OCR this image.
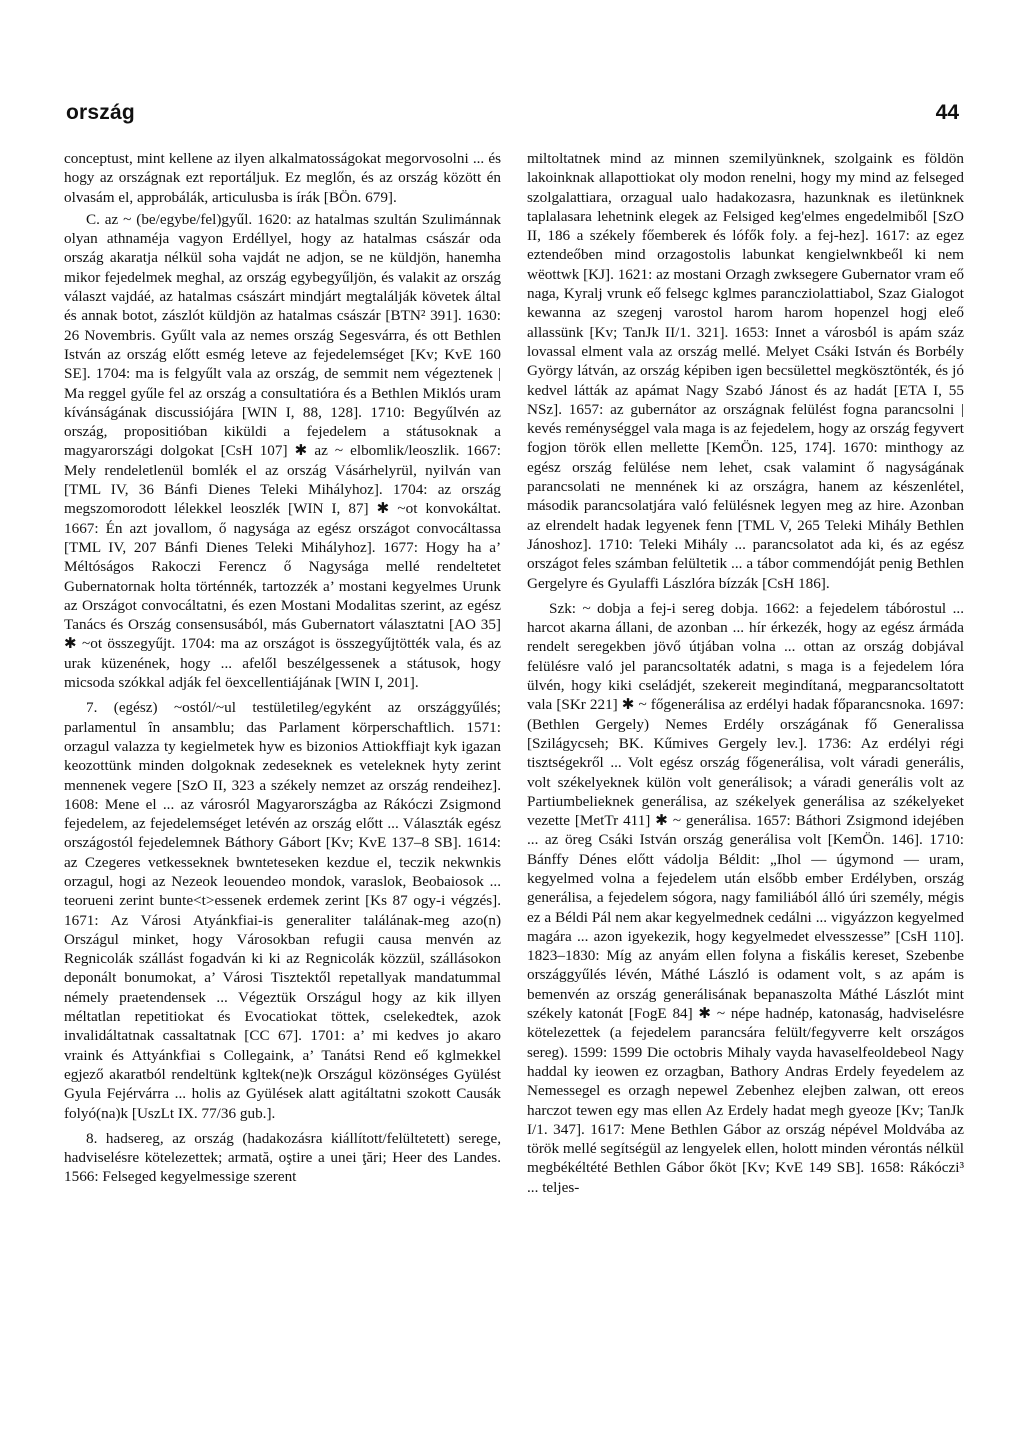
ország	44

conceptust, mint kellene az ilyen alkalmatosságokat megorvosolni ... és hogy az országnak ezt reportáljuk. Ez meglőn, és az ország között én olvasám el, approbálák, articulusba is írák [BÖn. 679].

C. az ~ (be/egybe/fel)gyűl. 1620: az hatalmas szultán Szulimánnak olyan athnaméja vagyon Erdéllyel, hogy az hatalmas császár oda ország akaratja nélkül soha vajdát ne adjon, se ne küldjön, hanemha mikor fejedelmek meghal, az ország egybegyűljön, és valakit az ország választ vajdáé, az hatalmas császárt mindjárt megtalálják követek által és annak botot, zászlót küldjön az hatalmas császár [BTN² 391]. 1630: 26 Novembris. Gyűlt vala az nemes ország Segesvárra, és ott Bethlen István az ország előtt esmég leteve az fejedelemséget [Kv; KvE 160 SE]. 1704: ma is felgyűlt vala az ország, de semmit nem végeztenek | Ma reggel gyűle fel az ország a consultatióra és a Bethlen Miklós uram kívánságának discussiójára [WIN I, 88, 128]. 1710: Begyűlvén az ország, propositióban kiküldi a fejedelem a státusoknak a magyarországi dolgokat [CsH 107] ✱ az ~ elbomlik/leoszlik. 1667: Mely rendeletlenül bomlék el az ország Vásárhelyrül, nyilván van [TML IV, 36 Bánfi Dienes Teleki Mihályhoz]. 1704: az ország megszomorodott lélekkel leoszlék [WIN I, 87] ✱ ~ot konvokáltat. 1667: Én azt jovallom, ő nagysága az egész országot convocáltassa [TML IV, 207 Bánfi Dienes Teleki Mihályhoz]. 1677: Hogy ha a’ Méltóságos Rakoczi Ferencz ő Nagysága mellé rendeltetet Gubernatornak holta történnék, tartozzék a’ mostani kegyelmes Urunk az Országot convocáltatni, és ezen Mostani Modalitas szerint, az egész Tanács és Ország consensusából, más Gubernatort választatni [AO 35] ✱ ~ot összegyűjt. 1704: ma az országot is összegyűjtötték vala, és az urak küzenének, hogy ... afelől beszélgessenek a státusok, hogy micsoda szókkal adják fel öexcellentiájának [WIN I, 201].

7. (egész) ~ostól/~ul testületileg/egyként az országgyűlés; parlamentul în ansamblu; das Parlament körperschaftlich. 1571: orzagul valazza ty kegielmetek hyw es bizonios Attiokffiajt kyk igazan keozottünk minden dolgoknak zedeseknek es veteleknek hyty zerint mennenek vegere [SzO II, 323 a székely nemzet az ország rendeihez]. 1608: Mene el ... az városról Magyarországba az Rákóczi Zsigmond fejedelem, az fejedelemséget letévén az ország előtt ... Választák egész országostól fejedelemnek Báthory Gábort [Kv; KvE 137–8 SB]. 1614: az Czegeres vetkesseknek bwnteteseken kezdue el, teczik nekwnkis orzagul, hogi az Nezeok leouendeo mondok, varaslok, Beobaiosok ... teorueni zerint bunte<t>essenek erdemek zerint [Ks 87 ogy-i végzés]. 1671: Az Városi Atyánkfiai-is generaliter találának-meg azo(n) Országul minket, hogy Városokban refugii causa menvén az Regnicolák szállást fogadván ki ki az Regnicolák közzül, szállásokon deponált bonumokat, a’ Városi Tisztektől repetallyak mandatummal némely praetendensek ... Végeztük Országul hogy az kik illyen méltatlan repetitiokat és Evocatiokat töttek, cselekedtek, azok invalidáltatnak cassaltatnak [CC 67]. 1701: a’ mi kedves jo akaro vraink és Attyánkfiai s Collegaink, a’ Tanátsi Rend eő kglmekkel egjező akaratból rendeltünk kgltek(ne)k Országul közönséges Gyülést Gyula Fejérvárra ... holis az Gyülések alatt agitáltatni szokott Causák folyó(na)k [UszLt IX. 77/36 gub.].

8. hadsereg, az ország (hadakozásra kiállított/felültetett) serege, hadviselésre kötelezettek; armată, oştire a unei ţări; Heer des Landes. 1566: Felseged kegyelmessige szerent

miltoltatnek mind az minnen szemilyünknek, szolgaink es földön lakoinknak allapottiokat oly modon renelni, hogy my mind az felseged szolgalattiara, orzagual ualo hadakozasra, hazunknak es iletünknek taplalasara lehetnink elegek az Felsiged keg'elmes engedelmiből [SzO II, 186 a székely főemberek és lófők foly. a fej-hez]. 1617: az egez eztendeőben mind orzagostolis labunkat kengielwnkbeől ki nem wёottwk [KJ]. 1621: az mostani Orzagh zwksegere Gubernator vram eő naga, Kyralj vrunk eő felsegc kglmes parancziolattiabol, Szaz Gialogot kewanna az szegenj varostol harom harom hopenzel hogj eleő allassünk [Kv; TanJk II/1. 321]. 1653: Innet a városból is apám száz lovassal elment vala az ország mellé. Melyet Csáki István és Borbély György látván, az ország képiben igen becsülettel megkösztönték, és jó kedvel látták az apámat Nagy Szabó Jánost és az hadát [ETA I, 55 NSz]. 1657: az gubernátor az országnak felülést fogna parancsolni | kevés reménységgel vala maga is az fejedelem, hogy az ország fegyvert fogjon török ellen mellette [KemÖn. 125, 174]. 1670: minthogy az egész ország felülése nem lehet, csak valamint ő nagyságának parancsolati ne mennének ki az országra, hanem az készenlétel, második parancsolatjára való felülésnek legyen meg az hire. Azonban az elrendelt hadak legyenek fenn [TML V, 265 Teleki Mihály Bethlen Jánoshoz]. 1710: Teleki Mihály ... parancsolatot ada ki, és az egész országot feles számban felültetik ... a tábor commendóját penig Bethlen Gergelyre és Gyulaffi Lászlóra bízzák [CsH 186].

Szk: ~ dobja a fej-i sereg dobja. 1662: a fejedelem tábórostul ... harcot akarna állani, de azonban ... hír érkezék, hogy az egész ármáda rendelt seregekben jövő útjában volna ... ottan az ország dobjával felülésre való jel parancsoltaték adatni, s maga is a fejedelem lóra ülvén, hogy kiki cseládjét, szekereit megindítaná, megparancsoltatott vala [SKr 221] ✱ ~ főgenerálisa az erdélyi hadak főparancsnoka. 1697: (Bethlen Gergely) Nemes Erdély országának fő Generalissa [Szilágycseh; BK. Kűmives Gergely lev.]. 1736: Az erdélyi régi tisztségekről ... Volt egész ország főgenerálisa, volt váradi generális, volt székelyeknek külön volt generálisok; a váradi generális volt az Partiumbelieknek generálisa, az székelyek generálisa az székelyeket vezette [MetTr 411] ✱ ~ generálisa. 1657: Báthori Zsigmond idejében ... az öreg Csáki István ország generálisa volt [KemÖn. 146]. 1710: Bánffy Dénes előtt vádolja Béldit: „Ihol — úgymond — uram, kegyelmed volna a fejedelem után elsőbb ember Erdélyben, ország generálisa, a fejedelem sógora, nagy familiából álló úri személy, mégis ez a Béldi Pál nem akar kegyelmednek cedálni ... vigyázzon kegyelmed magára ... azon igyekezik, hogy kegyelmedet elvesszesse” [CsH 110]. 1823–1830: Míg az anyám ellen folyna a fiskális kereset, Szebenbe országgyűlés lévén, Máthé László is odament volt, s az apám is bemenvén az ország generálisának bepanaszolta Máthé Lászlót mint székely katonát [FogE 84] ✱ ~ népe hadnép, katonaság, hadviselésre kötelezettek (a fejedelem parancsára felült/fegyverre kelt országos sereg). 1599: 1599 Die octobris Mihaly vayda havaselfeoldebeol Nagy haddal ky ieowen ez orzagban, Bathory Andras Erdely feyedelem az Nemessegel es orzagh nepewel Zebenhez elejben zalwan, ott ereos harczot tewen egy mas ellen Az Erdely hadat megh gyeoze [Kv; TanJk I/1. 347]. 1617: Mene Bethlen Gábor az ország népével Moldvába az török mellé segítségül az lengyelek ellen, holott minden vérontás nélkül megbékéltété Bethlen Gábor őköt [Kv; KvE 149 SB]. 1658: Rákóczi³ ... teljes-
